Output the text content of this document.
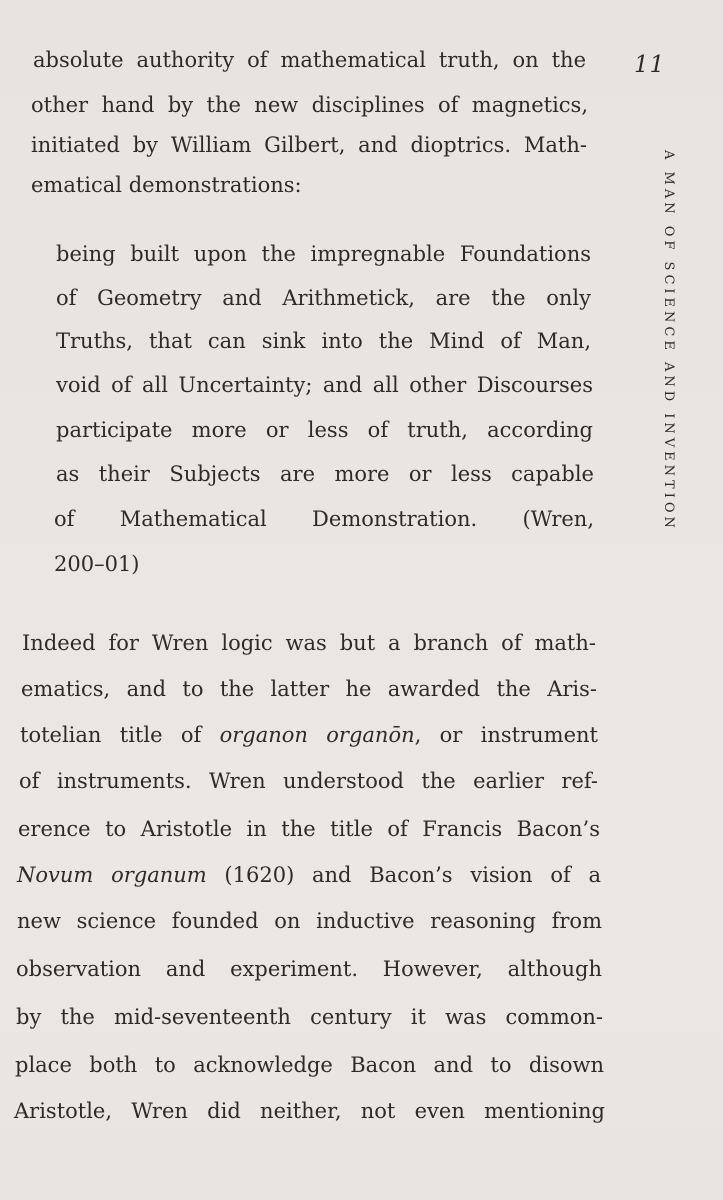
11
A MAN OF SCIENCE AND INVENTION
absolute authority of mathematical truth, on the
other hand by the new disciplines of magnetics,
initiated by William Gilbert, and dioptrics. Math-
ematical demonstrations:
being built upon the impregnable Foundations
of Geometry and Arithmetick, are the only
Truths, that can sink into the Mind of Man,
void of all Uncertainty; and all other Discourses
participate more or less of truth, according
as their Subjects are more or less capable
of Mathematical Demonstration. (Wren,
200–01)
Indeed for Wren logic was but a branch of math-
ematics, and to the latter he awarded the Aris-
totelian title of organon organōn, or instrument
of instruments. Wren understood the earlier ref-
erence to Aristotle in the title of Francis Bacon’s
Novum organum (1620) and Bacon’s vision of a
new science founded on inductive reasoning from
observation and experiment. However, although
by the mid-seventeenth century it was common-
place both to acknowledge Bacon and to disown
Aristotle, Wren did neither, not even mentioning
